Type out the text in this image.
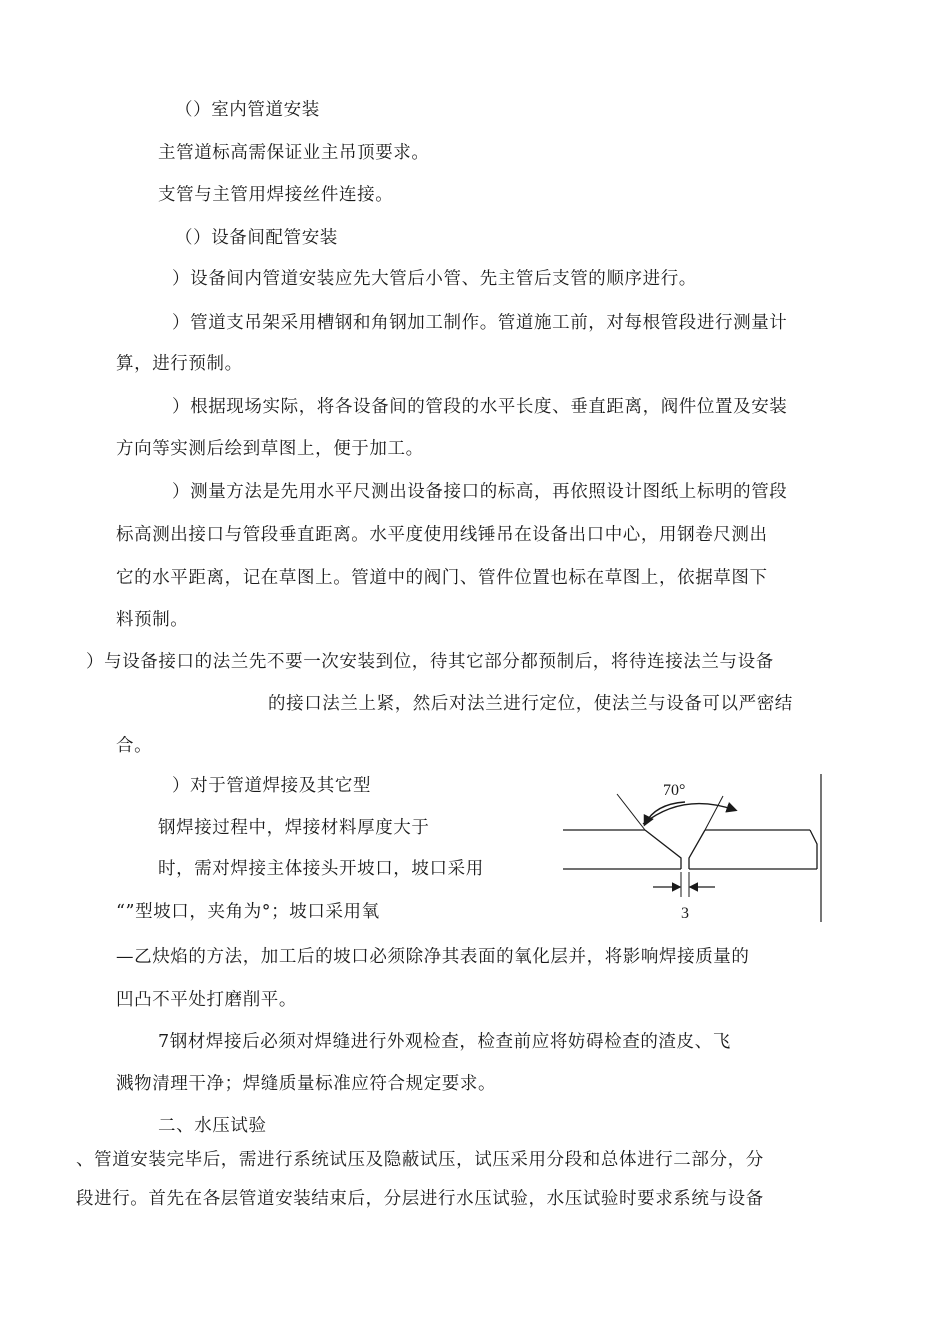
（）室内管道安装
主管道标高需保证业主吊顶要求。
支管与主管用焊接丝件连接。
（）设备间配管安装
）设备间内管道安装应先大管后小管、先主管后支管的顺序进行。
）管道支吊架采用槽钢和角钢加工制作。管道施工前，对每根管段进行测量计
算，进行预制。
）根据现场实际，将各设备间的管段的水平长度、垂直距离，阀件位置及安装
方向等实测后绘到草图上，便于加工。
）测量方法是先用水平尺测出设备接口的标高，再依照设计图纸上标明的管段
标高测出接口与管段垂直距离。水平度使用线锤吊在设备出口中心，用钢卷尺测出
它的水平距离，记在草图上。管道中的阀门、管件位置也标在草图上，依据草图下
料预制。
）与设备接口的法兰先不要一次安装到位，待其它部分都预制后，将待连接法兰与设备
的接口法兰上紧，然后对法兰进行定位，使法兰与设备可以严密结
合。
）对于管道焊接及其它型
钢焊接过程中，焊接材料厚度大于
时，需对焊接主体接头开坡口，坡口采用
“”型坡口，夹角为°；坡口采用氧
—乙炔焰的方法，加工后的坡口必须除净其表面的氧化层并，将影响焊接质量的
凹凸不平处打磨削平。
7钢材焊接后必须对焊缝进行外观检查，检查前应将妨碍检查的渣皮、飞
溅物清理干净；焊缝质量标准应符合规定要求。
二、水压试验
、管道安装完毕后，需进行系统试压及隐蔽试压，试压采用分段和总体进行二部分，分
段进行。首先在各层管道安装结束后，分层进行水压试验，水压试验时要求系统与设备
70°
3
